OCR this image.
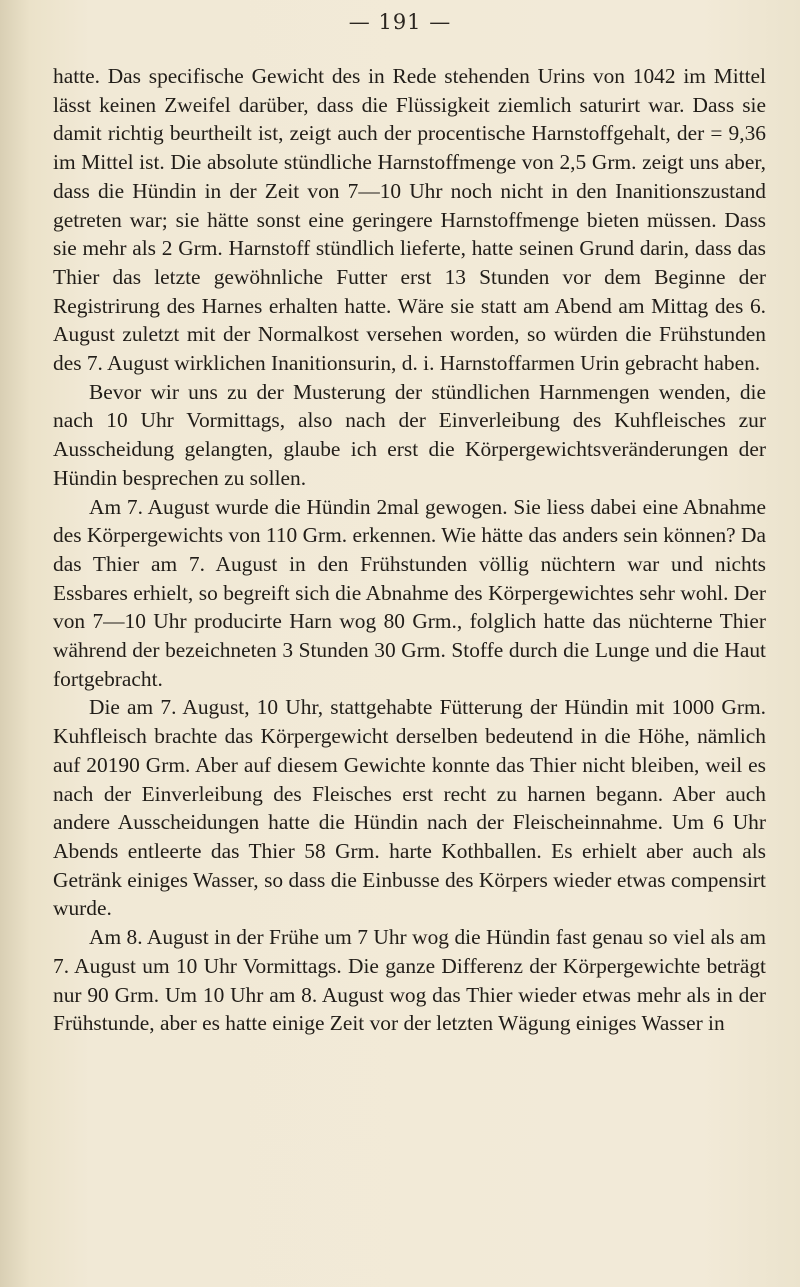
— 191 —

hatte. Das specifische Gewicht des in Rede stehenden Urins von 1042 im Mittel lässt keinen Zweifel darüber, dass die Flüssigkeit ziemlich saturirt war. Dass sie damit richtig beurtheilt ist, zeigt auch der procentische Harnstoffgehalt, der = 9,36 im Mittel ist. Die absolute stündliche Harnstoffmenge von 2,5 Grm. zeigt uns aber, dass die Hündin in der Zeit von 7—10 Uhr noch nicht in den Inanitionszustand getreten war; sie hätte sonst eine geringere Harnstoffmenge bieten müssen. Dass sie mehr als 2 Grm. Harnstoff stündlich lieferte, hatte seinen Grund darin, dass das Thier das letzte gewöhnliche Futter erst 13 Stunden vor dem Beginne der Registrirung des Harnes erhalten hatte. Wäre sie statt am Abend am Mittag des 6. August zuletzt mit der Normalkost versehen worden, so würden die Frühstunden des 7. August wirklichen Inanitionsurin, d. i. Harnstoffarmen Urin gebracht haben.

Bevor wir uns zu der Musterung der stündlichen Harnmengen wenden, die nach 10 Uhr Vormittags, also nach der Einverleibung des Kuhfleisches zur Ausscheidung gelangten, glaube ich erst die Körpergewichtsveränderungen der Hündin besprechen zu sollen.

Am 7. August wurde die Hündin 2mal gewogen. Sie liess dabei eine Abnahme des Körpergewichts von 110 Grm. erkennen. Wie hätte das anders sein können? Da das Thier am 7. August in den Frühstunden völlig nüchtern war und nichts Essbares erhielt, so begreift sich die Abnahme des Körpergewichtes sehr wohl. Der von 7—10 Uhr producirte Harn wog 80 Grm., folglich hatte das nüchterne Thier während der bezeichneten 3 Stunden 30 Grm. Stoffe durch die Lunge und die Haut fortgebracht.

Die am 7. August, 10 Uhr, stattgehabte Fütterung der Hündin mit 1000 Grm. Kuhfleisch brachte das Körpergewicht derselben bedeutend in die Höhe, nämlich auf 20190 Grm. Aber auf diesem Gewichte konnte das Thier nicht bleiben, weil es nach der Einverleibung des Fleisches erst recht zu harnen begann. Aber auch andere Ausscheidungen hatte die Hündin nach der Fleischeinnahme. Um 6 Uhr Abends entleerte das Thier 58 Grm. harte Kothballen. Es erhielt aber auch als Getränk einiges Wasser, so dass die Einbusse des Körpers wieder etwas compensirt wurde.

Am 8. August in der Frühe um 7 Uhr wog die Hündin fast genau so viel als am 7. August um 10 Uhr Vormittags. Die ganze Differenz der Körpergewichte beträgt nur 90 Grm. Um 10 Uhr am 8. August wog das Thier wieder etwas mehr als in der Frühstunde, aber es hatte einige Zeit vor der letzten Wägung einiges Wasser in
